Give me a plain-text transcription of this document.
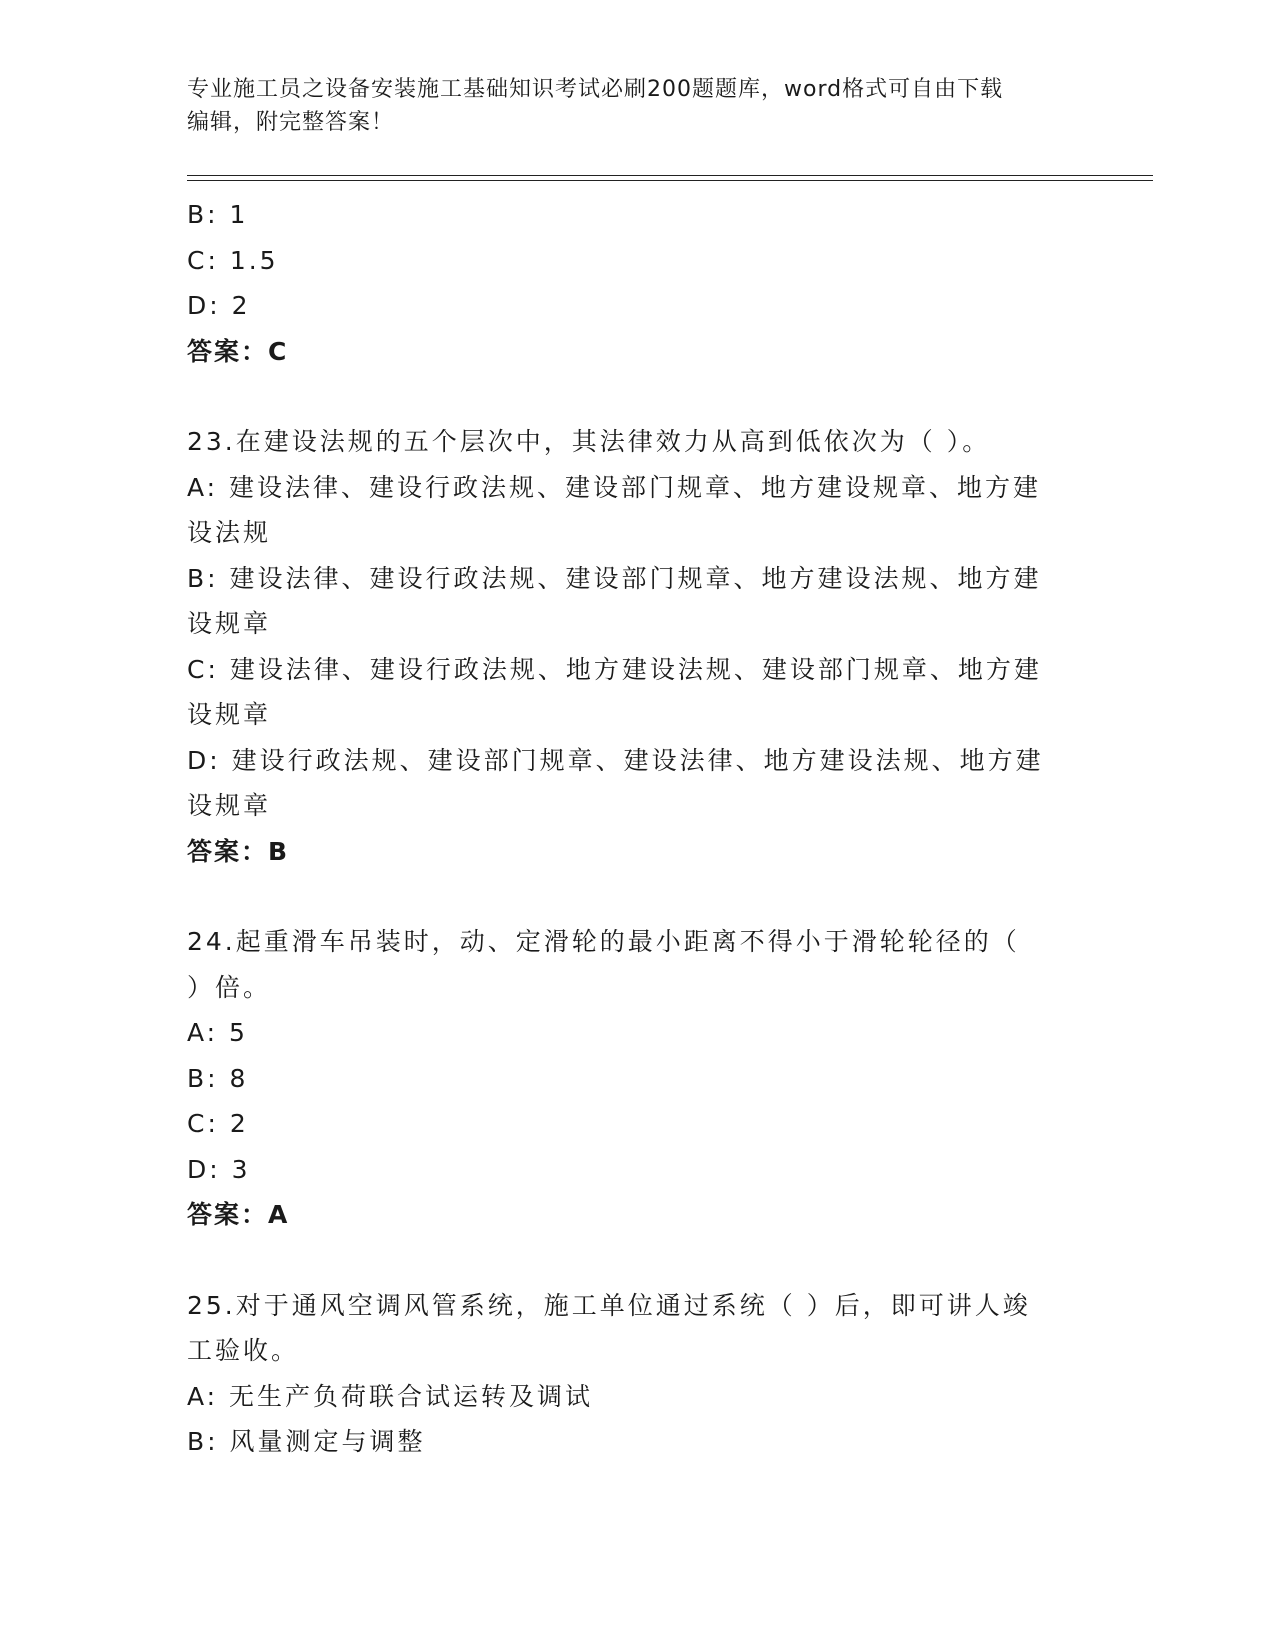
专业施工员之设备安装施工基础知识考试必刷200题题库，word格式可自由下载
编辑，附完整答案！
B: 1
C: 1.5
D: 2
答案：C
23.在建设法规的五个层次中，其法律效力从高到低依次为（ ）。
A: 建设法律、建设行政法规、建设部门规章、地方建设规章、地方建
设法规
B: 建设法律、建设行政法规、建设部门规章、地方建设法规、地方建
设规章
C: 建设法律、建设行政法规、地方建设法规、建设部门规章、地方建
设规章
D: 建设行政法规、建设部门规章、建设法律、地方建设法规、地方建
设规章
答案：B
24.起重滑车吊装时，动、定滑轮的最小距离不得小于滑轮轮径的（
）倍。
A: 5
B: 8
C: 2
D: 3
答案：A
25.对于通风空调风管系统，施工单位通过系统（ ）后，即可讲人竣
工验收。
A: 无生产负荷联合试运转及调试
B: 风量测定与调整
